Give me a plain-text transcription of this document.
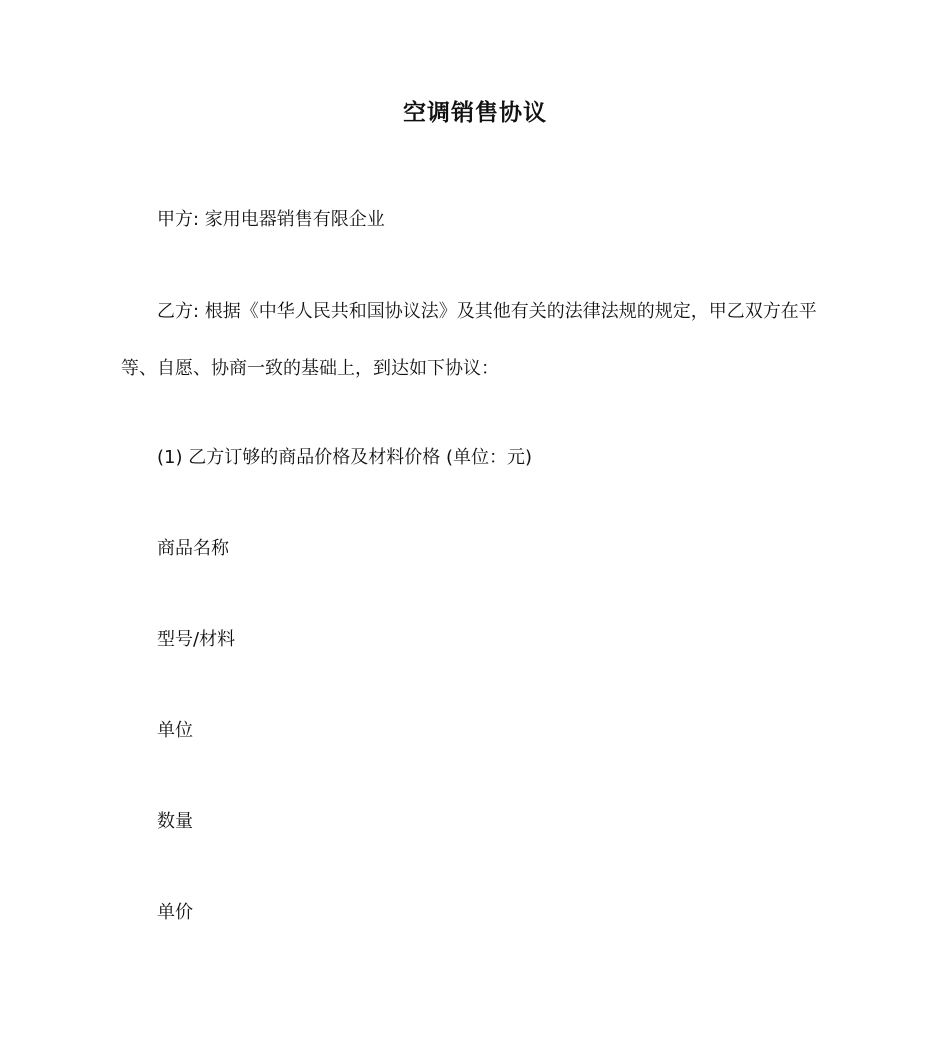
空调销售协议
甲方: 家用电器销售有限企业
乙方: 根据《中华人民共和国协议法》及其他有关的法律法规的规定，甲乙双方在平等、自愿、协商一致的基础上，到达如下协议：
(1) 乙方订够的商品价格及材料价格 (单位：元)
商品名称
型号/材料
单位
数量
单价
